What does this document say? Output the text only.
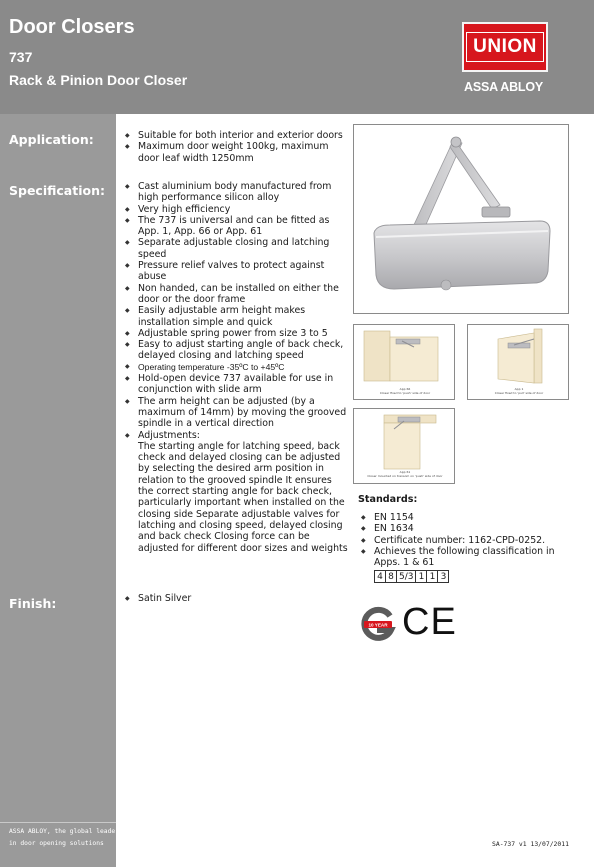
Door Closers
737
Rack & Pinion Door Closer
UNION
ASSA ABLOY
Application:
Specification:
Finish:
ASSA ABLOY, the global leader
in door opening solutions
◆ Suitable for both interior and exterior doors
◆ Maximum door weight 100kg, maximum door leaf width 1250mm
◆ Cast aluminium body manufactured from high performance silicon alloy
◆ Very high efficiency
◆ The 737 is universal and can be fitted as App. 1, App. 66 or App. 61
◆ Separate adjustable closing and latching speed
◆ Pressure relief valves to protect against abuse
◆ Non handed, can be installed on either the door or the door frame
◆ Easily adjustable arm height makes installation simple and quick
◆ Adjustable spring power from size 3 to 5
◆ Easy to adjust starting angle of back check, delayed closing and latching speed
◆ Operating temperature -35ºC to +45ºC
◆ Hold-open device 737 available for use in conjunction with slide arm
◆ The arm height can be adjusted (by a maximum of 14mm) by moving the grooved spindle in a vertical direction
◆ Adjustments:
The starting angle for latching speed, back check and delayed closing can be adjusted by selecting the desired arm position in relation to the grooved spindle It ensures the correct starting angle for back check, particularly important when installed on the closing side Separate adjustable valves for latching and closing speed, delayed closing and back check Closing force can be adjusted for different door sizes and weights
◆ Satin Silver
App 66
Closer fixed to 'push' side of door
App 1
Closer fixed to 'pull' side of door
App 61
Closer mounted on transom on 'push' side of door
Standards:
◆ EN 1154
◆ EN 1634
◆ Certificate number: 1162-CPD-0252.
◆ Achieves the following classification in Apps. 1 & 61
4	8	5/3	1	1	3
10 YEAR CE
SA-737 v1 13/07/2011
